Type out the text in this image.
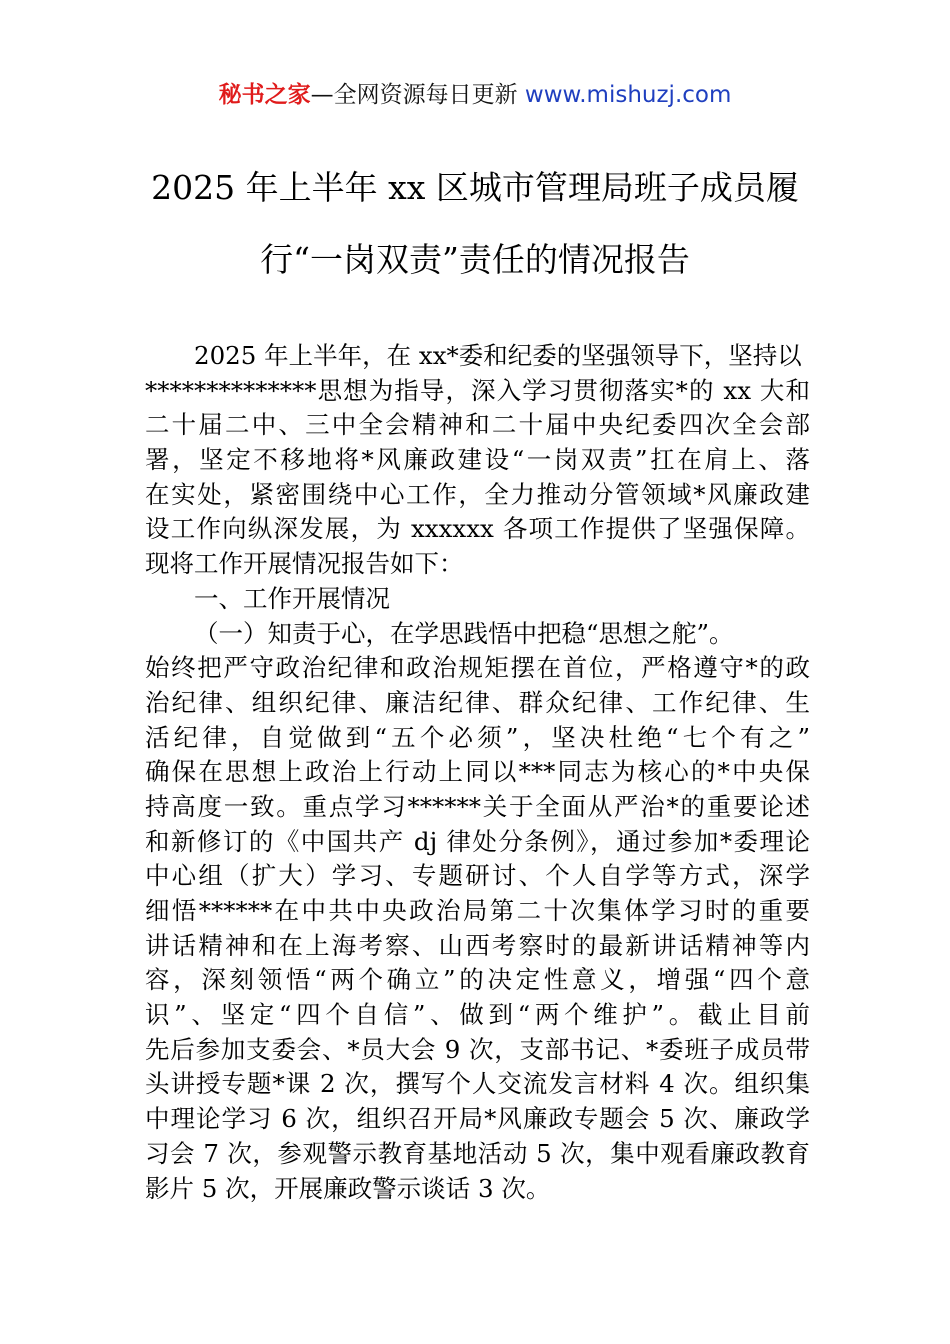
秘书之家—全网资源每日更新 www.mishuzj.com
2025 年上半年 xx 区城市管理局班子成员履
行“一岗双责”责任的情况报告
2025 年上半年，在 xx*委和纪委的坚强领导下，坚持以
**************思想为指导，深入学习贯彻落实*的 xx 大和
二十届二中、三中全会精神和二十届中央纪委四次全会部
署，坚定不移地将*风廉政建设“一岗双责”扛在肩上、落
在实处，紧密围绕中心工作，全力推动分管领域*风廉政建
设工作向纵深发展，为 xxxxxx 各项工作提供了坚强保障。
现将工作开展情况报告如下：
一、工作开展情况
（一）知责于心，在学思践悟中把稳“思想之舵”。
始终把严守政治纪律和政治规矩摆在首位，严格遵守*的政
治纪律、组织纪律、廉洁纪律、群众纪律、工作纪律、生
活纪律，自觉做到“五个必须”，坚决杜绝“七个有之”
确保在思想上政治上行动上同以***同志为核心的*中央保
持高度一致。重点学习******关于全面从严治*的重要论述
和新修订的《中国共产 dj 律处分条例》，通过参加*委理论
中心组（扩大）学习、专题研讨、个人自学等方式，深学
细悟******在中共中央政治局第二十次集体学习时的重要
讲话精神和在上海考察、山西考察时的最新讲话精神等内
容，深刻领悟“两个确立”的决定性意义，增强“四个意
识”、坚定“四个自信”、做到“两个维护”。截止目前
先后参加支委会、*员大会 9 次，支部书记、*委班子成员带
头讲授专题*课 2 次，撰写个人交流发言材料 4 次。组织集
中理论学习 6 次，组织召开局*风廉政专题会 5 次、廉政学
习会 7 次，参观警示教育基地活动 5 次，集中观看廉政教育
影片 5 次，开展廉政警示谈话 3 次。
